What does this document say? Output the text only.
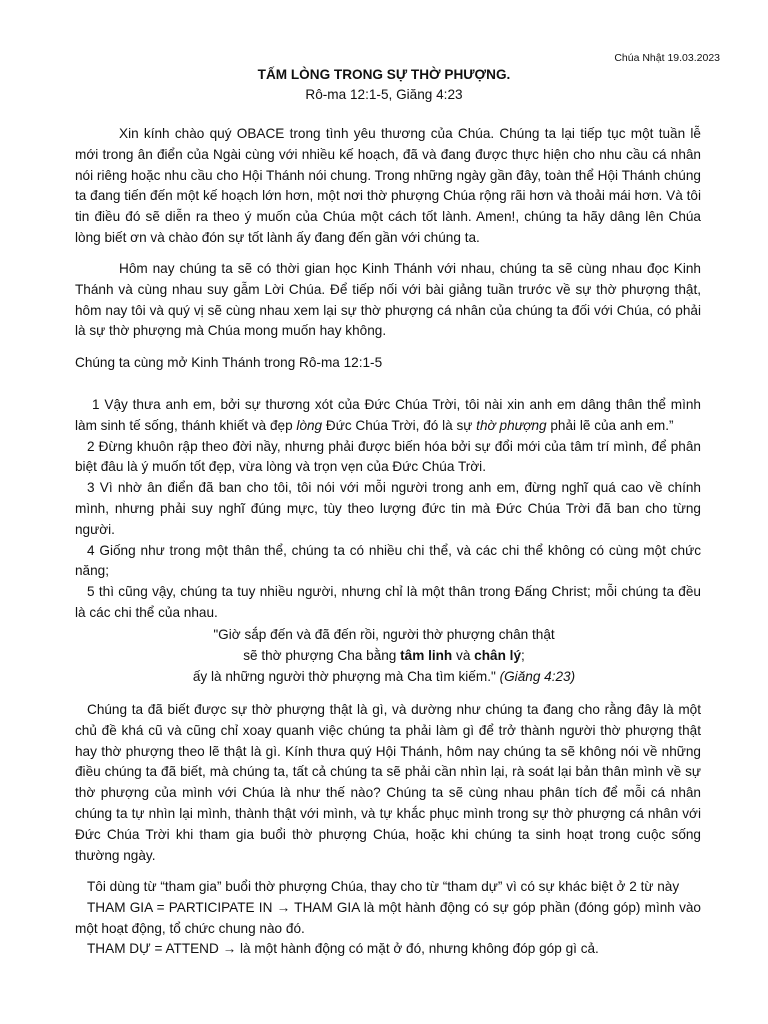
Chúa Nhật 19.03.2023
TẤM LÒNG TRONG SỰ THỜ PHƯỢNG.
Rô-ma 12:1-5, Giăng 4:23

Xin kính chào quý OBACE trong tình yêu thương của Chúa. Chúng ta lại tiếp tục một tuần lễ mới trong ân điển của Ngài cùng với nhiều kế hoạch, đã và đang được thực hiện cho nhu cầu cá nhân nói riêng hoặc nhu cầu cho Hội Thánh nói chung. Trong những ngày gần đây, toàn thể Hội Thánh chúng ta đang tiến đến một kế hoạch lớn hơn, một nơi thờ phượng Chúa rộng rãi hơn và thoải mái hơn. Và tôi tin điều đó sẽ diễn ra theo ý muốn của Chúa một cách tốt lành. Amen!, chúng ta hãy dâng lên Chúa lòng biết ơn và chào đón sự tốt lành ấy đang đến gần với chúng ta.

Hôm nay chúng ta sẽ có thời gian học Kinh Thánh với nhau, chúng ta sẽ cùng nhau đọc Kinh Thánh và cùng nhau suy gẫm Lời Chúa. Để tiếp nối với bài giảng tuần trước về sự thờ phượng thật, hôm nay tôi và quý vị sẽ cùng nhau xem lại sự thờ phượng cá nhân của chúng ta đối với Chúa, có phải là sự thờ phượng mà Chúa mong muốn hay không.

Chúng ta cùng mở Kinh Thánh trong Rô-ma 12:1-5

1 Vậy thưa anh em, bởi sự thương xót của Đức Chúa Trời, tôi nài xin anh em dâng thân thể mình làm sinh tế sống, thánh khiết và đẹp lòng Đức Chúa Trời, đó là sự thờ phượng phải lẽ của anh em.”

2 Đừng khuôn rập theo đời nầy, nhưng phải được biến hóa bởi sự đổi mới của tâm trí mình, để phân biệt đâu là ý muốn tốt đẹp, vừa lòng và trọn vẹn của Đức Chúa Trời.

3 Vì nhờ ân điển đã ban cho tôi, tôi nói với mỗi người trong anh em, đừng nghĩ quá cao về chính mình, nhưng phải suy nghĩ đúng mực, tùy theo lượng đức tin mà Đức Chúa Trời đã ban cho từng người.

4 Giống như trong một thân thể, chúng ta có nhiều chi thể, và các chi thể không có cùng một chức năng;

5 thì cũng vậy, chúng ta tuy nhiều người, nhưng chỉ là một thân trong Đấng Christ; mỗi chúng ta đều là các chi thể của nhau.

"Giờ sắp đến và đã đến rồi, người thờ phượng chân thật
sẽ thờ phượng Cha bằng tâm linh và chân lý;
ấy là những người thờ phượng mà Cha tìm kiếm." (Giăng 4:23)

Chúng ta đã biết được sự thờ phượng thật là gì, và dường như chúng ta đang cho rằng đây là một chủ đề khá cũ và cũng chỉ xoay quanh việc chúng ta phải làm gì để trở thành người thờ phượng thật hay thờ phượng theo lẽ thật là gì. Kính thưa quý Hội Thánh, hôm nay chúng ta sẽ không nói về những điều chúng ta đã biết, mà chúng ta, tất cả chúng ta sẽ phải cần nhìn lại, rà soát lại bản thân mình về sự thờ phượng của mình với Chúa là như thế nào? Chúng ta sẽ cùng nhau phân tích để mỗi cá nhân chúng ta tự nhìn lại mình, thành thật với mình, và tự khắc phục mình trong sự thờ phượng cá nhân với Đức Chúa Trời khi tham gia buổi thờ phượng Chúa, hoặc khi chúng ta sinh hoạt trong cuộc sống thường ngày.

Tôi dùng từ “tham gia” buổi thờ phượng Chúa, thay cho từ “tham dự” vì có sự khác biệt ở 2 từ này

THAM GIA = PARTICIPATE IN → THAM GIA là một hành động có sự góp phần (đóng góp) mình vào một hoạt động, tổ chức chung nào đó.

THAM DỰ = ATTEND → là một hành động có mặt ở đó, nhưng không đóp góp gì cả.
